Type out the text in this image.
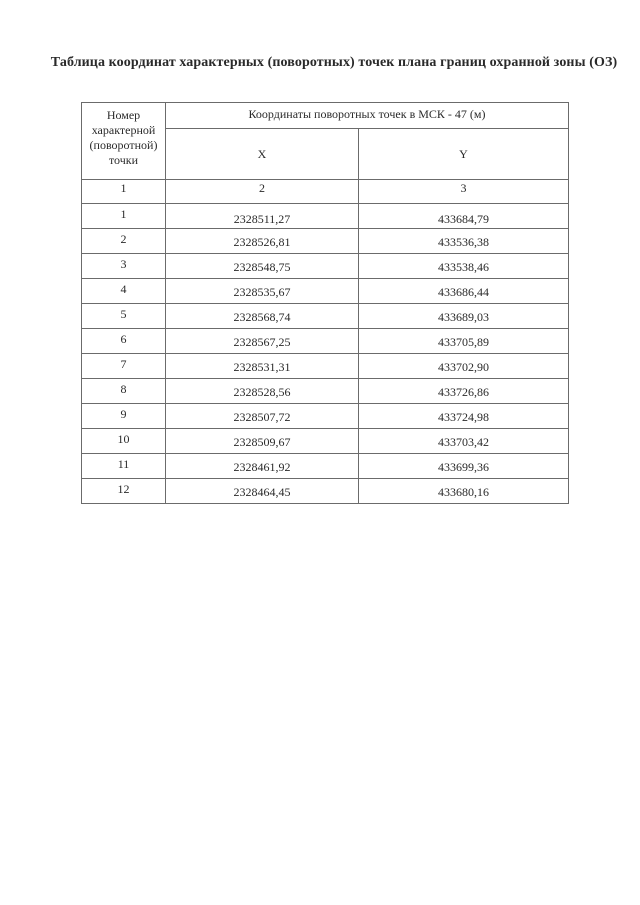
Таблица координат характерных (поворотных) точек плана границ охранной зоны (ОЗ)
Номер характерной (поворотной) точки	Координаты поворотных точек в МСК - 47 (м)	
	X	Y
1	2	3
1	2328511,27	433684,79
2	2328526,81	433536,38
3	2328548,75	433538,46
4	2328535,67	433686,44
5	2328568,74	433689,03
6	2328567,25	433705,89
7	2328531,31	433702,90
8	2328528,56	433726,86
9	2328507,72	433724,98
10	2328509,67	433703,42
11	2328461,92	433699,36
12	2328464,45	433680,16
